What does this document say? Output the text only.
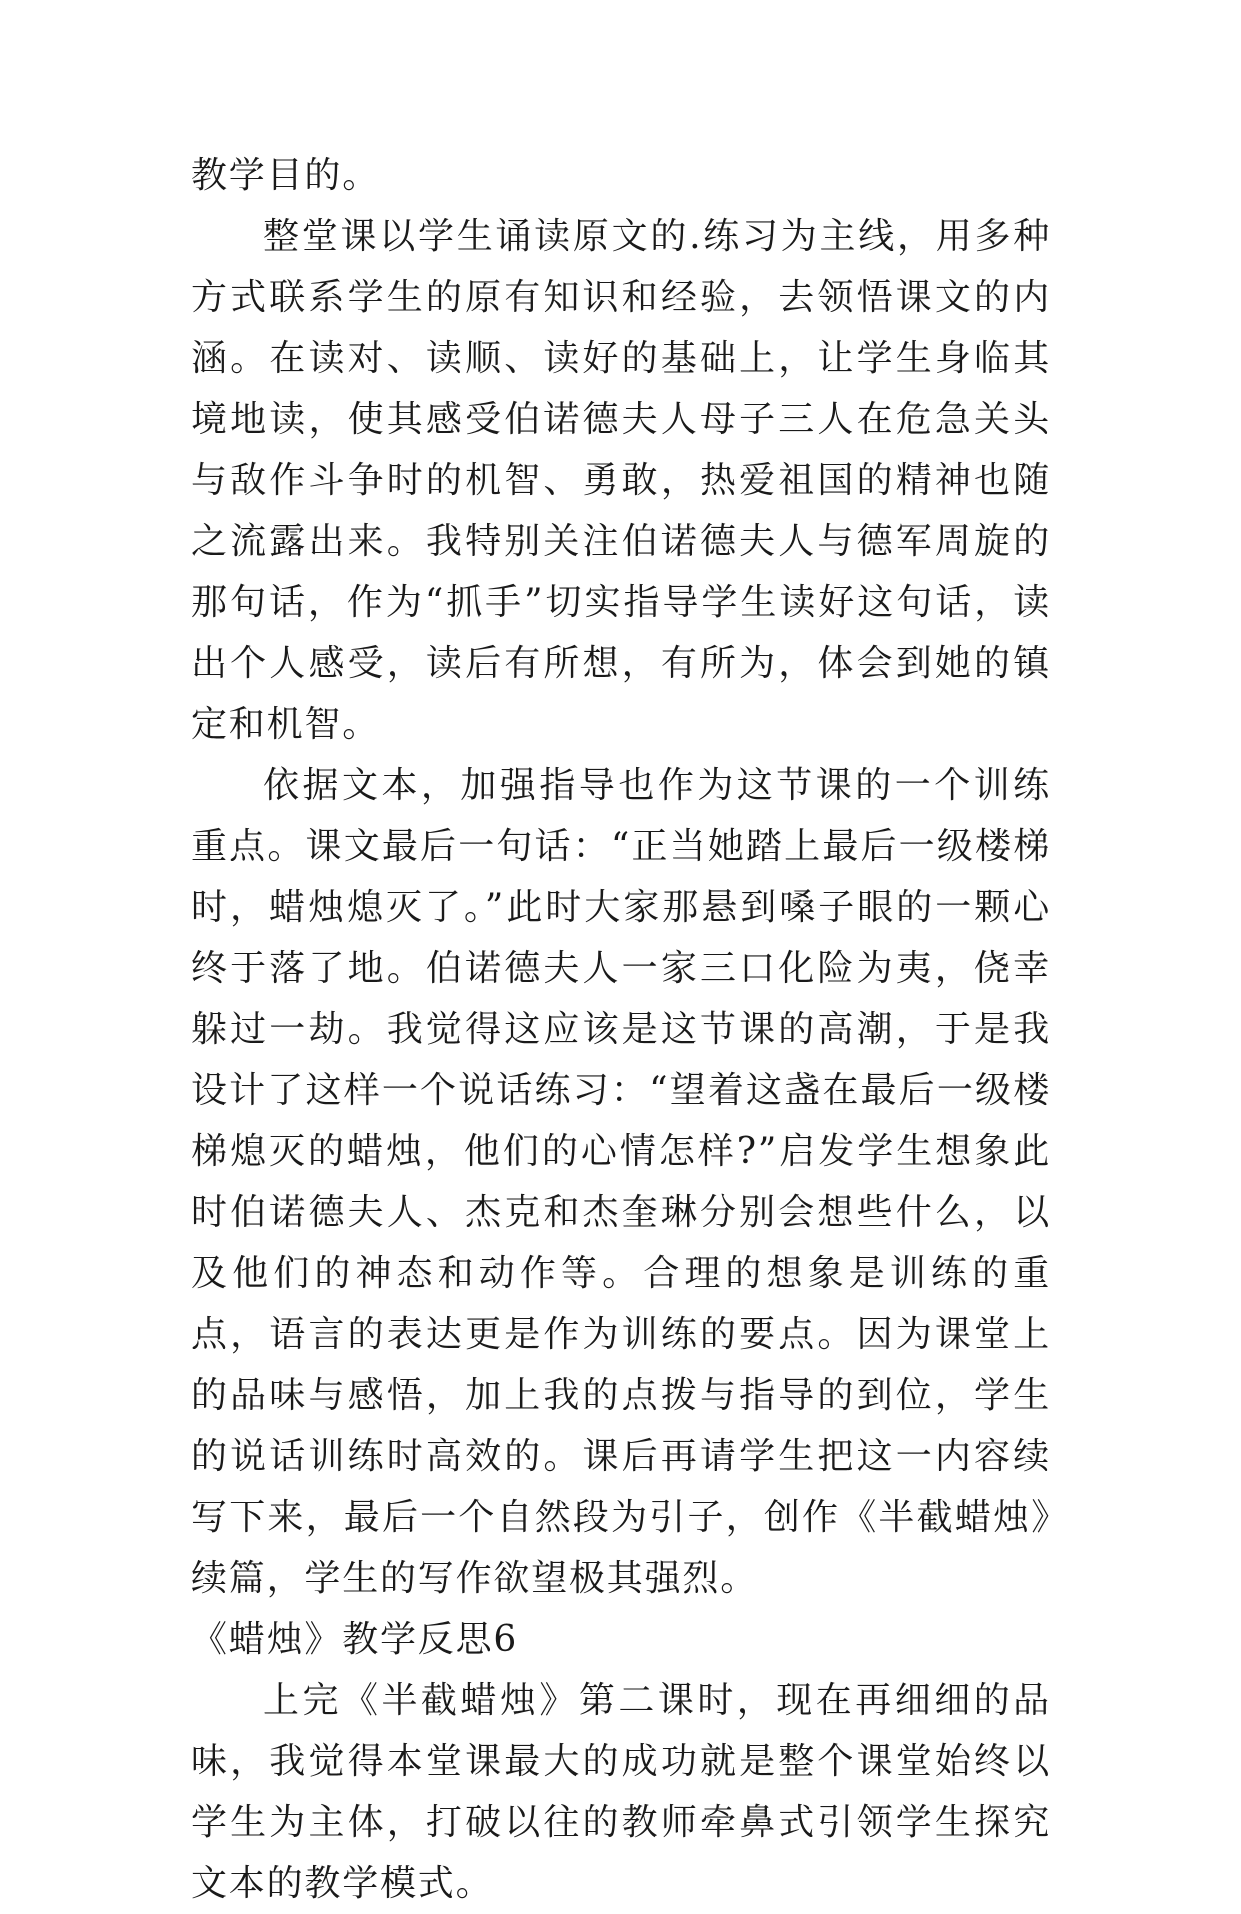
教学目的。

整堂课以学生诵读原文的.练习为主线，用多种方式联系学生的原有知识和经验，去领悟课文的内涵。在读对、读顺、读好的基础上，让学生身临其境地读，使其感受伯诺德夫人母子三人在危急关头与敌作斗争时的机智、勇敢，热爱祖国的精神也随之流露出来。我特别关注伯诺德夫人与德军周旋的那句话，作为“抓手”切实指导学生读好这句话，读出个人感受，读后有所想，有所为，体会到她的镇定和机智。

依据文本，加强指导也作为这节课的一个训练重点。课文最后一句话：“正当她踏上最后一级楼梯时，蜡烛熄灭了。”此时大家那悬到嗓子眼的一颗心终于落了地。伯诺德夫人一家三口化险为夷，侥幸躲过一劫。我觉得这应该是这节课的高潮，于是我设计了这样一个说话练习：“望着这盏在最后一级楼梯熄灭的蜡烛，他们的心情怎样?”启发学生想象此时伯诺德夫人、杰克和杰奎琳分别会想些什么，以及他们的神态和动作等。合理的想象是训练的重点，语言的表达更是作为训练的要点。因为课堂上的品味与感悟，加上我的点拨与指导的到位，学生的说话训练时高效的。课后再请学生把这一内容续写下来，最后一个自然段为引子，创作《半截蜡烛》续篇，学生的写作欲望极其强烈。

《蜡烛》教学反思6

上完《半截蜡烛》第二课时，现在再细细的品味，我觉得本堂课最大的成功就是整个课堂始终以学生为主体，打破以往的教师牵鼻式引领学生探究文本的教学模式。
